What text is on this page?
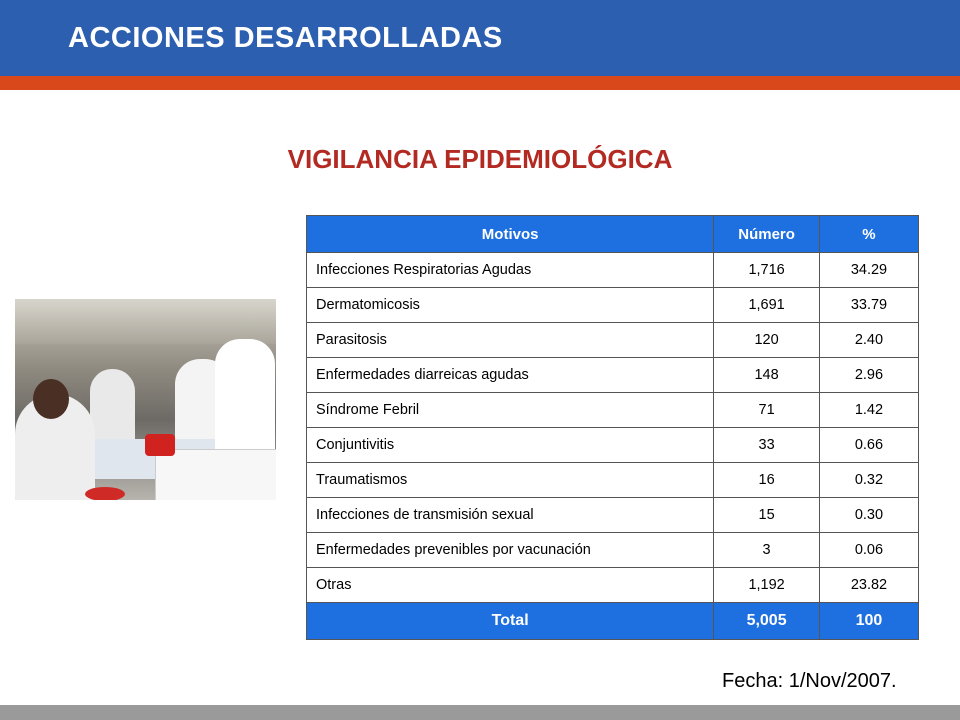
ACCIONES DESARROLLADAS
VIGILANCIA EPIDEMIOLÓGICA
Motivos	Número	%
Infecciones Respiratorias Agudas	1,716	34.29
Dermatomicosis	1,691	33.79
Parasitosis	120	2.40
Enfermedades diarreicas agudas	148	2.96
Síndrome Febril	71	1.42
Conjuntivitis	33	0.66
Traumatismos	16	0.32
Infecciones de transmisión sexual	15	0.30
Enfermedades prevenibles por vacunación	3	0.06
Otras	1,192	23.82
Total	5,005	100

Fecha: 1/Nov/2007.
